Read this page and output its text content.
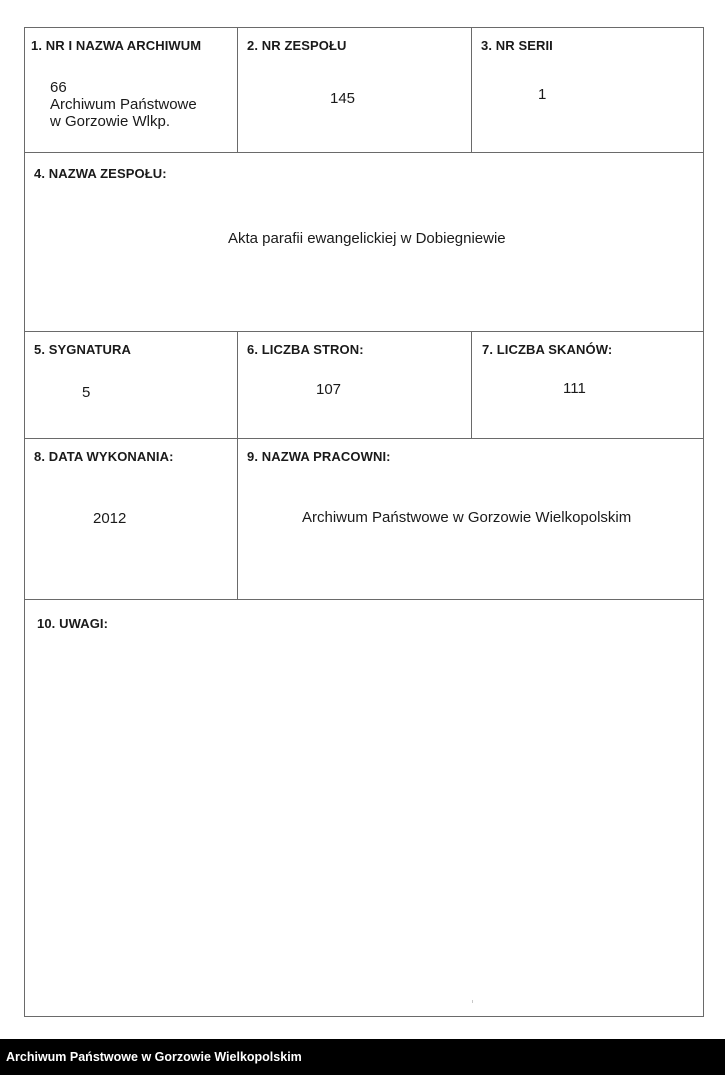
1. NR I NAZWA ARCHIWUM
66
Archiwum Państwowe
w Gorzowie Wlkp.
2. NR ZESPOŁU
145
3. NR SERII
1
4. NAZWA ZESPOŁU:
Akta parafii ewangelickiej w Dobiegniewie
5. SYGNATURA
5
6. LICZBA STRON:
107
7. LICZBA SKANÓW:
111
8. DATA WYKONANIA:
2012
9. NAZWA PRACOWNI:
Archiwum Państwowe w Gorzowie Wielkopolskim
10. UWAGI:
Archiwum Państwowe w Gorzowie Wielkopolskim
